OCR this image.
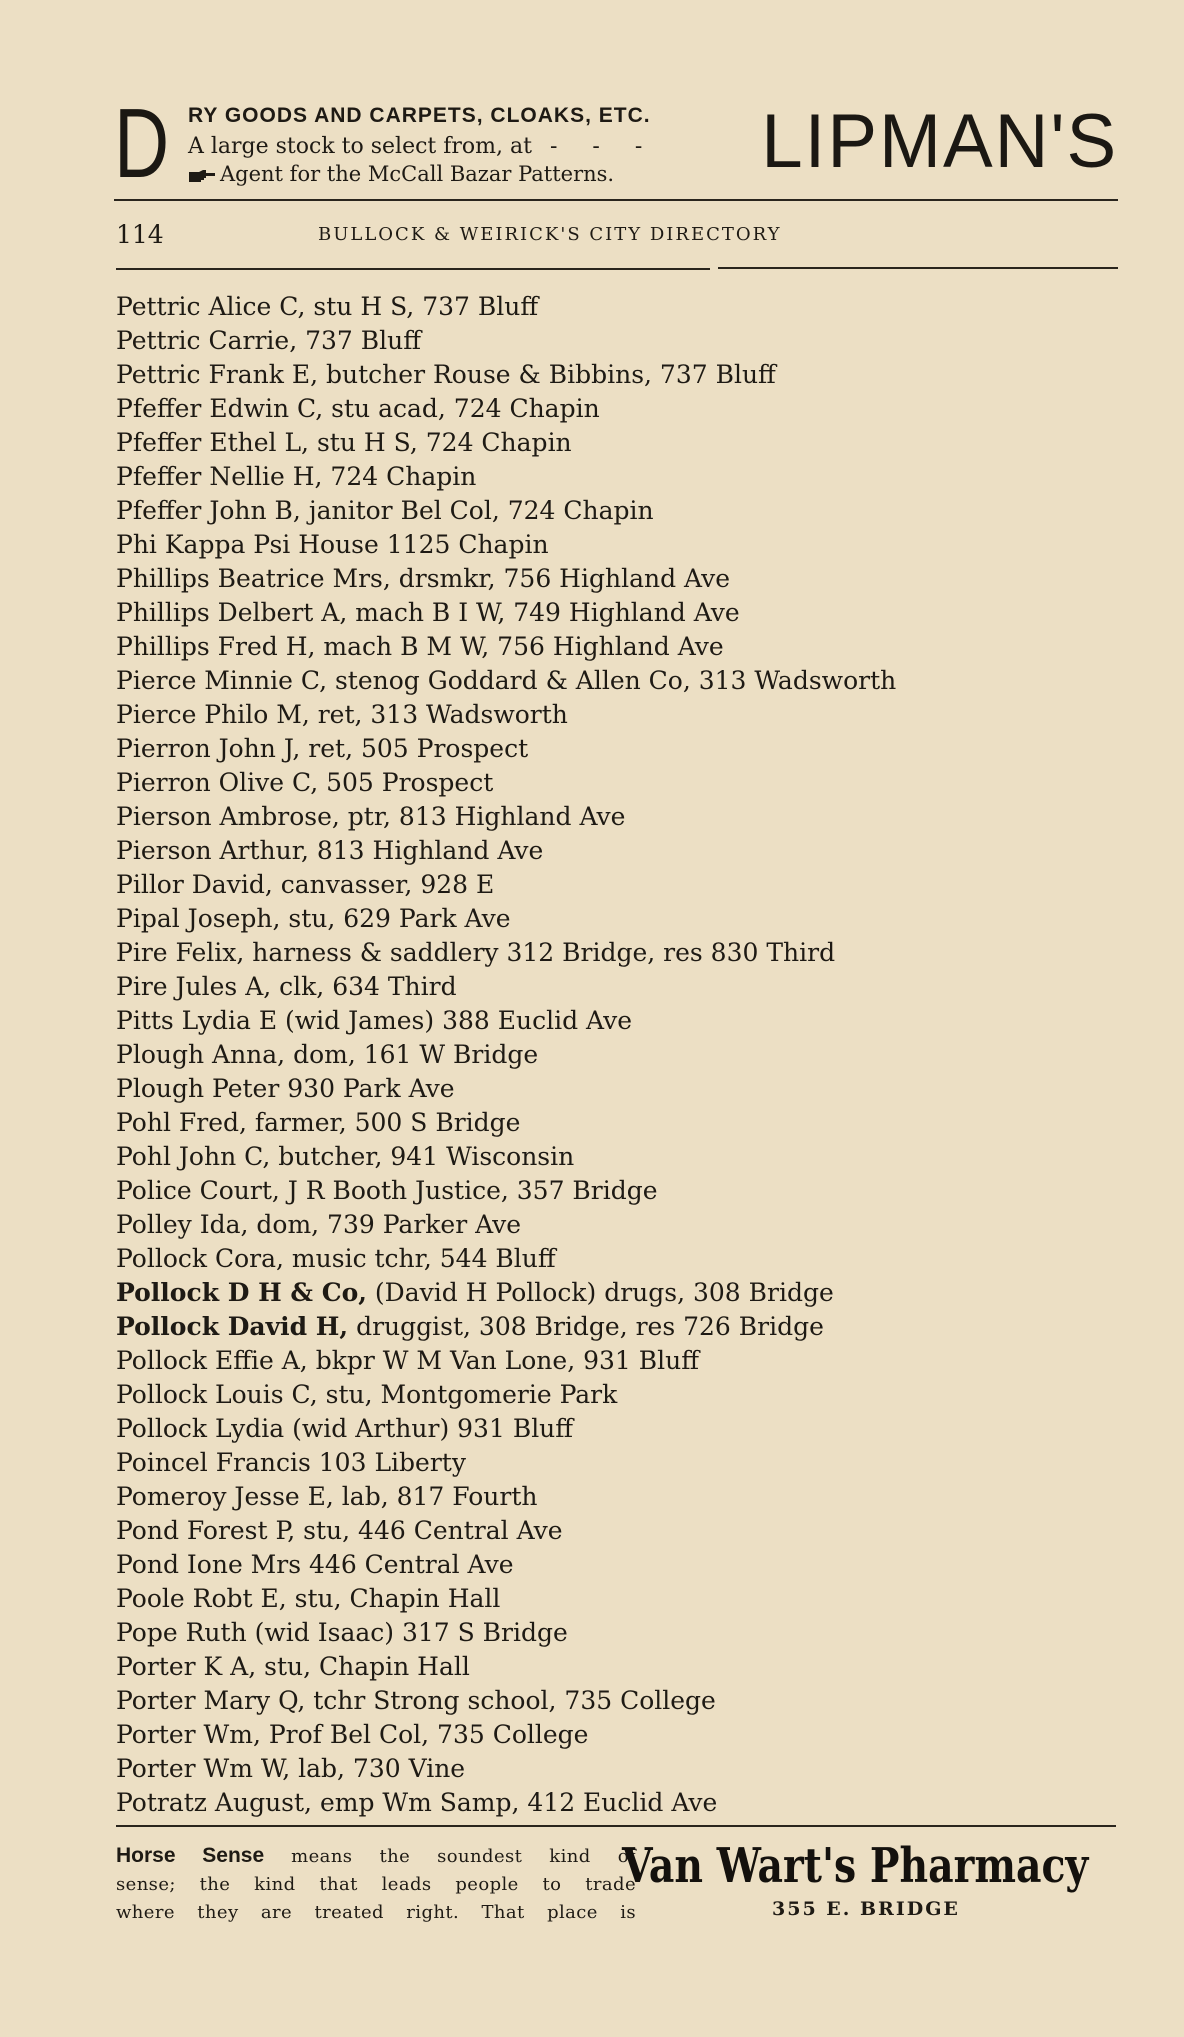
D RY GOODS AND CARPETS, CLOAKS, ETC.
A large stock to select from, at - - -
Agent for the McCall Bazar Patterns. LIPMAN'S
114	BULLOCK & WEIRICK'S CITY DIRECTORY
Pettric Alice C, stu H S, 737 Bluff
Pettric Carrie, 737 Bluff
Pettric Frank E, butcher Rouse & Bibbins, 737 Bluff
Pfeffer Edwin C, stu acad, 724 Chapin
Pfeffer Ethel L, stu H S, 724 Chapin
Pfeffer Nellie H, 724 Chapin
Pfeffer John B, janitor Bel Col, 724 Chapin
Phi Kappa Psi House 1125 Chapin
Phillips Beatrice Mrs, drsmkr, 756 Highland Ave
Phillips Delbert A, mach B I W, 749 Highland Ave
Phillips Fred H, mach B M W, 756 Highland Ave
Pierce Minnie C, stenog Goddard & Allen Co, 313 Wadsworth
Pierce Philo M, ret, 313 Wadsworth
Pierron John J, ret, 505 Prospect
Pierron Olive C, 505 Prospect
Pierson Ambrose, ptr, 813 Highland Ave
Pierson Arthur, 813 Highland Ave
Pillor David, canvasser, 928 E
Pipal Joseph, stu, 629 Park Ave
Pire Felix, harness & saddlery 312 Bridge, res 830 Third
Pire Jules A, clk, 634 Third
Pitts Lydia E (wid James) 388 Euclid Ave
Plough Anna, dom, 161 W Bridge
Plough Peter 930 Park Ave
Pohl Fred, farmer, 500 S Bridge
Pohl John C, butcher, 941 Wisconsin
Police Court, J R Booth Justice, 357 Bridge
Polley Ida, dom, 739 Parker Ave
Pollock Cora, music tchr, 544 Bluff
Pollock D H & Co, (David H Pollock) drugs, 308 Bridge
Pollock David H, druggist, 308 Bridge, res 726 Bridge
Pollock Effie A, bkpr W M Van Lone, 931 Bluff
Pollock Louis C, stu, Montgomerie Park
Pollock Lydia (wid Arthur) 931 Bluff
Poincel Francis 103 Liberty
Pomeroy Jesse E, lab, 817 Fourth
Pond Forest P, stu, 446 Central Ave
Pond Ione Mrs 446 Central Ave
Poole Robt E, stu, Chapin Hall
Pope Ruth (wid Isaac) 317 S Bridge
Porter K A, stu, Chapin Hall
Porter Mary Q, tchr Strong school, 735 College
Porter Wm, Prof Bel Col, 735 College
Porter Wm W, lab, 730 Vine
Potratz August, emp Wm Samp, 412 Euclid Ave
Horse Sense means the soundest kind of
sense; the kind that leads people to trade
where they are treated right. That place is
Van Wart's Pharmacy
355 E. BRIDGE
